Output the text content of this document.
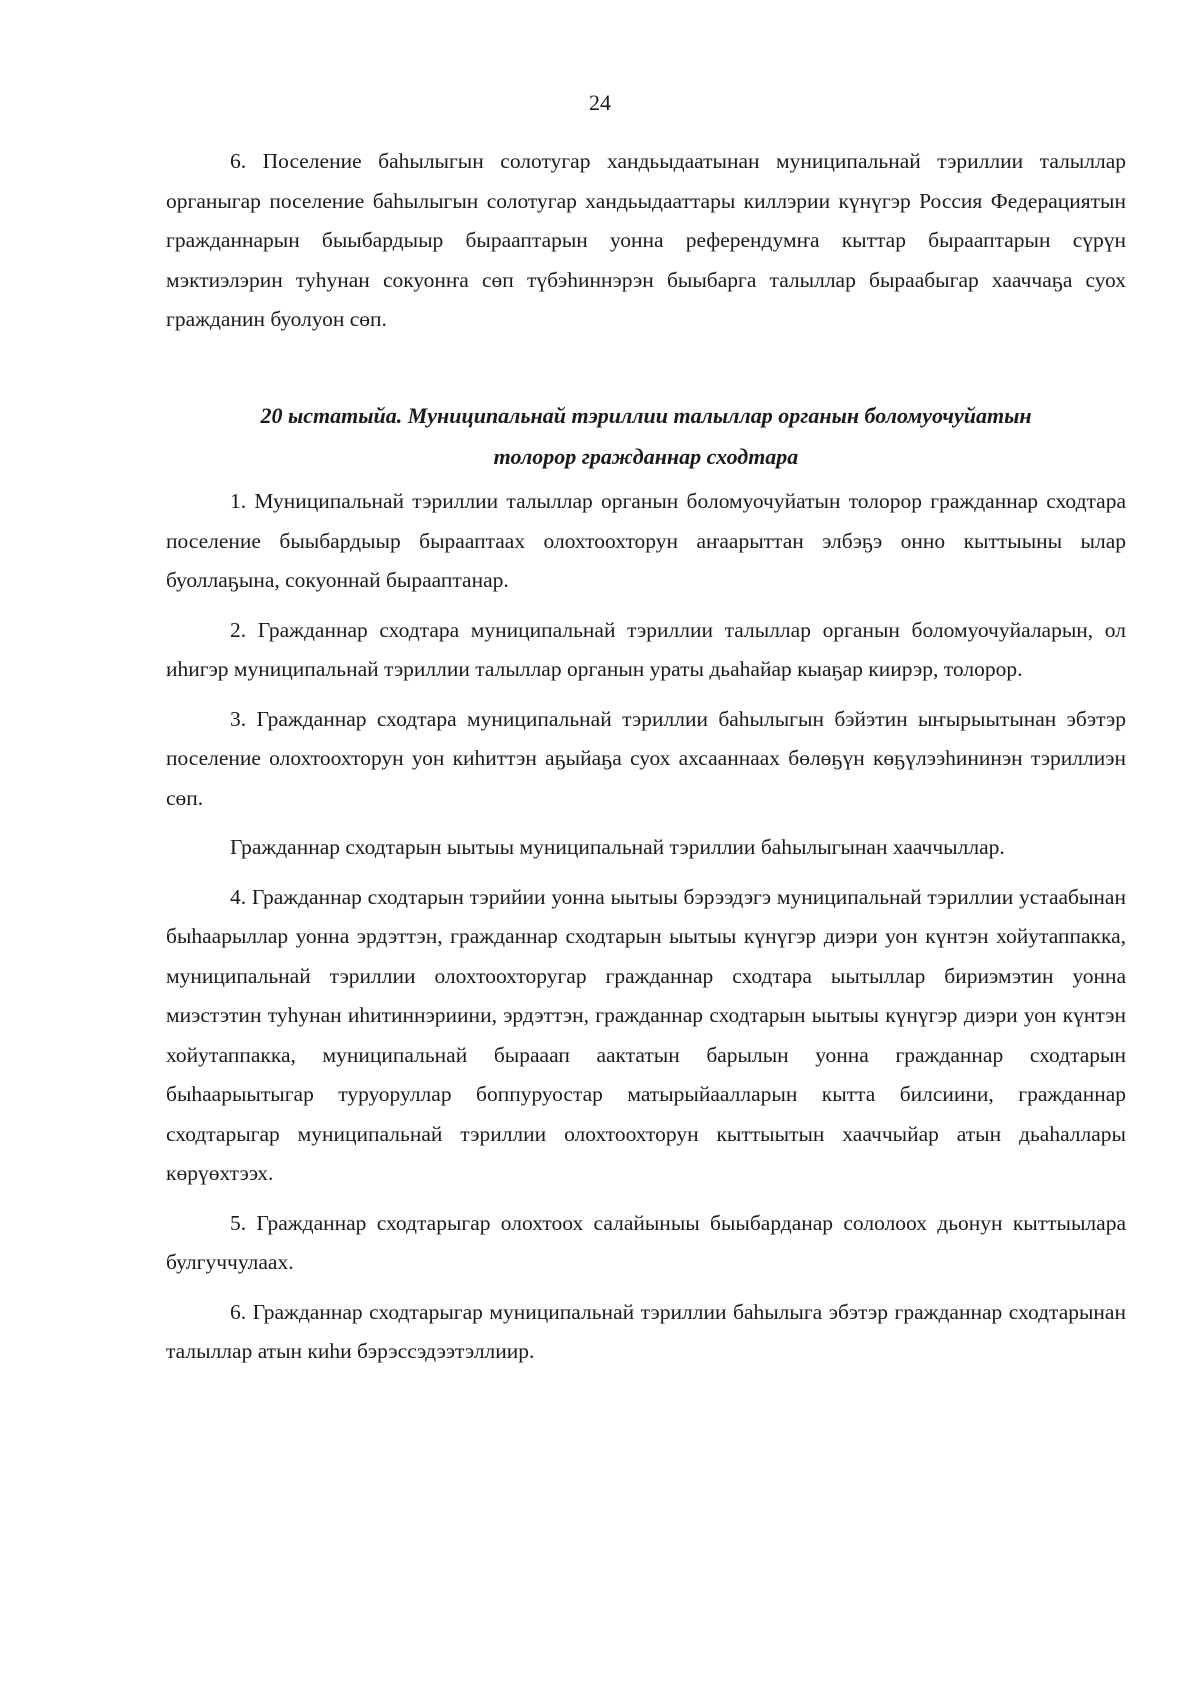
24

6. Поселение баһылыгын солотугар хандьыдаатынан муниципальнай тэриллии талыллар органыгар поселение баһылыгын солотугар хандьыдааттары киллэрии күнүгэр Россия Федерациятын гражданнарын быыбардыыр бырааптарын уонна референдумҥа кыттар бырааптарын сүрүн мэктиэлэрин туһунан сокуонҥа сөп түбэһиннэрэн быыбарга талыллар быраабыгар хааччаҕа суох гражданин буолуон сөп.

20 ыстатыйа. Муниципальнай тэриллии талыллар органын боломуочуйатын
толорор гражданнар сходтара

1. Муниципальнай тэриллии талыллар органын боломуочуйатын толорор гражданнар сходтара поселение быыбардыыр бырааптаах олохтоохторун аҥаарыттан элбэҕэ онно кыттыыны ылар буоллаҕына, сокуоннай бырааптанар.

2. Гражданнар сходтара муниципальнай тэриллии талыллар органын боломуочуйаларын, ол иһигэр муниципальнай тэриллии талыллар органын ураты дьаһайар кыаҕар киирэр, толорор.

3. Гражданнар сходтара муниципальнай тэриллии баһылыгын бэйэтин ыҥырыытынан эбэтэр поселение олохтоохторун уон киһиттэн аҕыйаҕа суох ахсааннаах бөлөҕүн көҕүлээһининэн тэриллиэн сөп.

Гражданнар сходтарын ыытыы муниципальнай тэриллии баһылыгынан хааччыллар.

4. Гражданнар сходтарын тэрийии уонна ыытыы бэрээдэгэ муниципальнай тэриллии устаабынан быһаарыллар уонна эрдэттэн, гражданнар сходтарын ыытыы күнүгэр диэри уон күнтэн хойутаппакка, муниципальнай тэриллии олохтоохторугар гражданнар сходтара ыытыллар бириэмэтин уонна миэстэтин туһунан иһитиннэриини, эрдэттэн, гражданнар сходтарын ыытыы күнүгэр диэри уон күнтэн хойутаппакка, муниципальнай бырааап аактатын барылын уонна гражданнар сходтарын быһаарыытыгар туруоруллар боппуруостар матырыйаалларын кытта билсиини, гражданнар сходтарыгар муниципальнай тэриллии олохтоохторун кыттыытын хааччыйар атын дьаһаллары көрүөхтээх.

5. Гражданнар сходтарыгар олохтоох салайыныы быыбарданар сололоох дьонун кыттыылара булгуччулаах.

6. Гражданнар сходтарыгар муниципальнай тэриллии баһылыга эбэтэр гражданнар сходтарынан талыллар атын киһи бэрэссэдээтэллиир.
